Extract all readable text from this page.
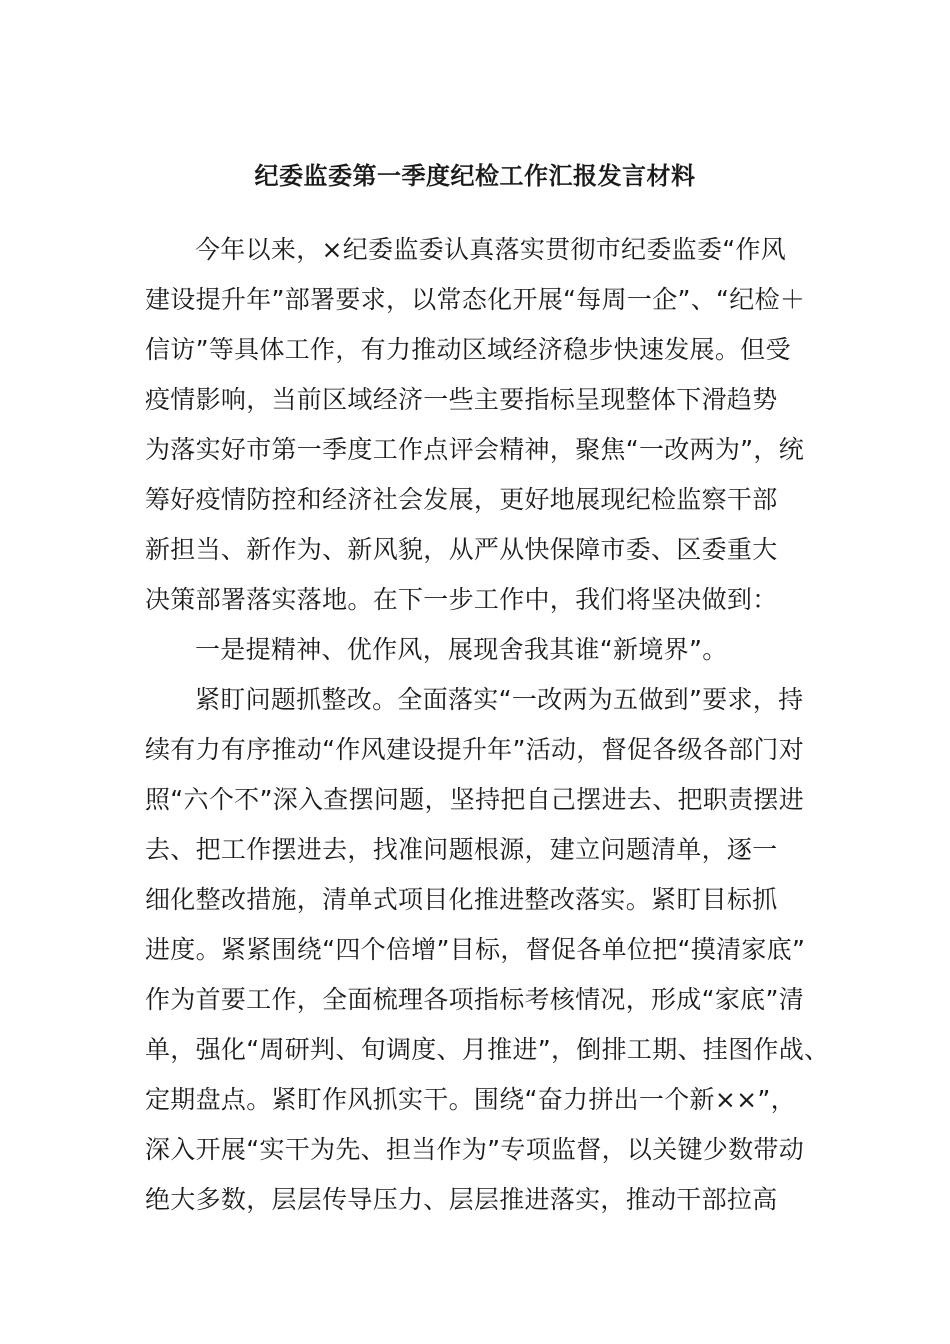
纪委监委第一季度纪检工作汇报发言材料
今年以来，×纪委监委认真落实贯彻市纪委监委“作风
建设提升年”部署要求，以常态化开展“每周一企”、“纪检＋
信访”等具体工作，有力推动区域经济稳步快速发展。但受
疫情影响，当前区域经济一些主要指标呈现整体下滑趋势
为落实好市第一季度工作点评会精神，聚焦“一改两为”，统
筹好疫情防控和经济社会发展，更好地展现纪检监察干部
新担当、新作为、新风貌，从严从快保障市委、区委重大
决策部署落实落地。在下一步工作中，我们将坚决做到：
一是提精神、优作风，展现舍我其谁“新境界”。
紧盯问题抓整改。全面落实“一改两为五做到”要求，持
续有力有序推动“作风建设提升年”活动，督促各级各部门对
照“六个不”深入查摆问题，坚持把自己摆进去、把职责摆进
去、把工作摆进去，找准问题根源，建立问题清单，逐一
细化整改措施，清单式项目化推进整改落实。紧盯目标抓
进度。紧紧围绕“四个倍增”目标，督促各单位把“摸清家底”
作为首要工作，全面梳理各项指标考核情况，形成“家底”清
单，强化“周研判、旬调度、月推进”，倒排工期、挂图作战、
定期盘点。紧盯作风抓实干。围绕“奋力拼出一个新××”，
深入开展“实干为先、担当作为”专项监督，以关键少数带动
绝大多数，层层传导压力、层层推进落实，推动干部拉高
